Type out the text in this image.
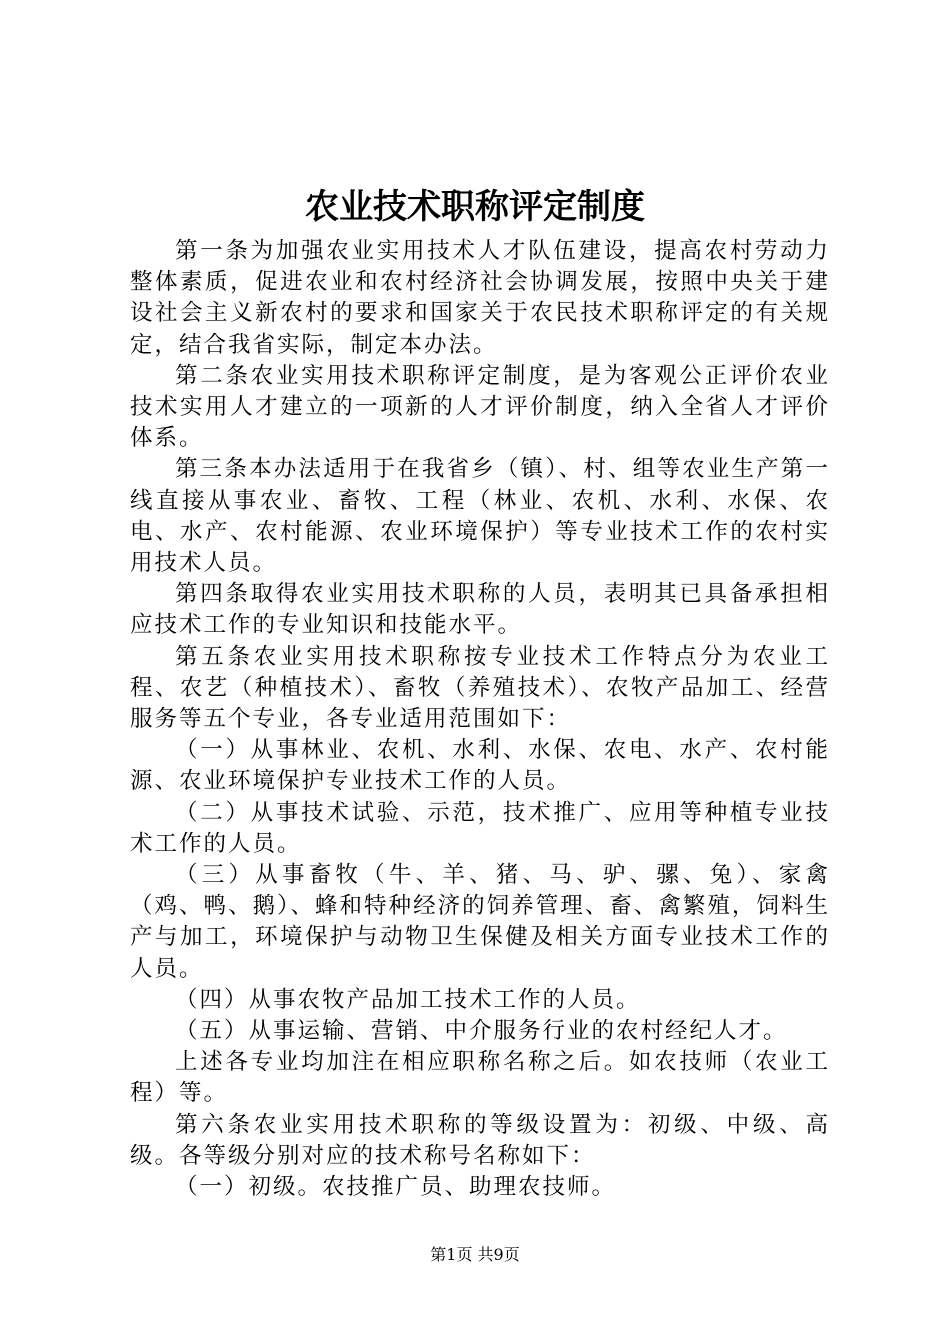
农业技术职称评定制度

第一条为加强农业实用技术人才队伍建设，提高农村劳动力整体素质，促进农业和农村经济社会协调发展，按照中央关于建设社会主义新农村的要求和国家关于农民技术职称评定的有关规定，结合我省实际，制定本办法。

第二条农业实用技术职称评定制度，是为客观公正评价农业技术实用人才建立的一项新的人才评价制度，纳入全省人才评价体系。

第三条本办法适用于在我省乡（镇）、村、组等农业生产第一线直接从事农业、畜牧、工程（林业、农机、水利、水保、农电、水产、农村能源、农业环境保护）等专业技术工作的农村实用技术人员。

第四条取得农业实用技术职称的人员，表明其已具备承担相应技术工作的专业知识和技能水平。

第五条农业实用技术职称按专业技术工作特点分为农业工程、农艺（种植技术）、畜牧（养殖技术）、农牧产品加工、经营服务等五个专业，各专业适用范围如下：

（一）从事林业、农机、水利、水保、农电、水产、农村能源、农业环境保护专业技术工作的人员。

（二）从事技术试验、示范，技术推广、应用等种植专业技术工作的人员。

（三）从事畜牧（牛、羊、猪、马、驴、骡、兔）、家禽（鸡、鸭、鹅）、蜂和特种经济的饲养管理、畜、禽繁殖，饲料生产与加工，环境保护与动物卫生保健及相关方面专业技术工作的人员。

（四）从事农牧产品加工技术工作的人员。

（五）从事运输、营销、中介服务行业的农村经纪人才。

上述各专业均加注在相应职称名称之后。如农技师（农业工程）等。

第六条农业实用技术职称的等级设置为：初级、中级、高级。各等级分别对应的技术称号名称如下：

（一）初级。农技推广员、助理农技师。

第1页 共9页
